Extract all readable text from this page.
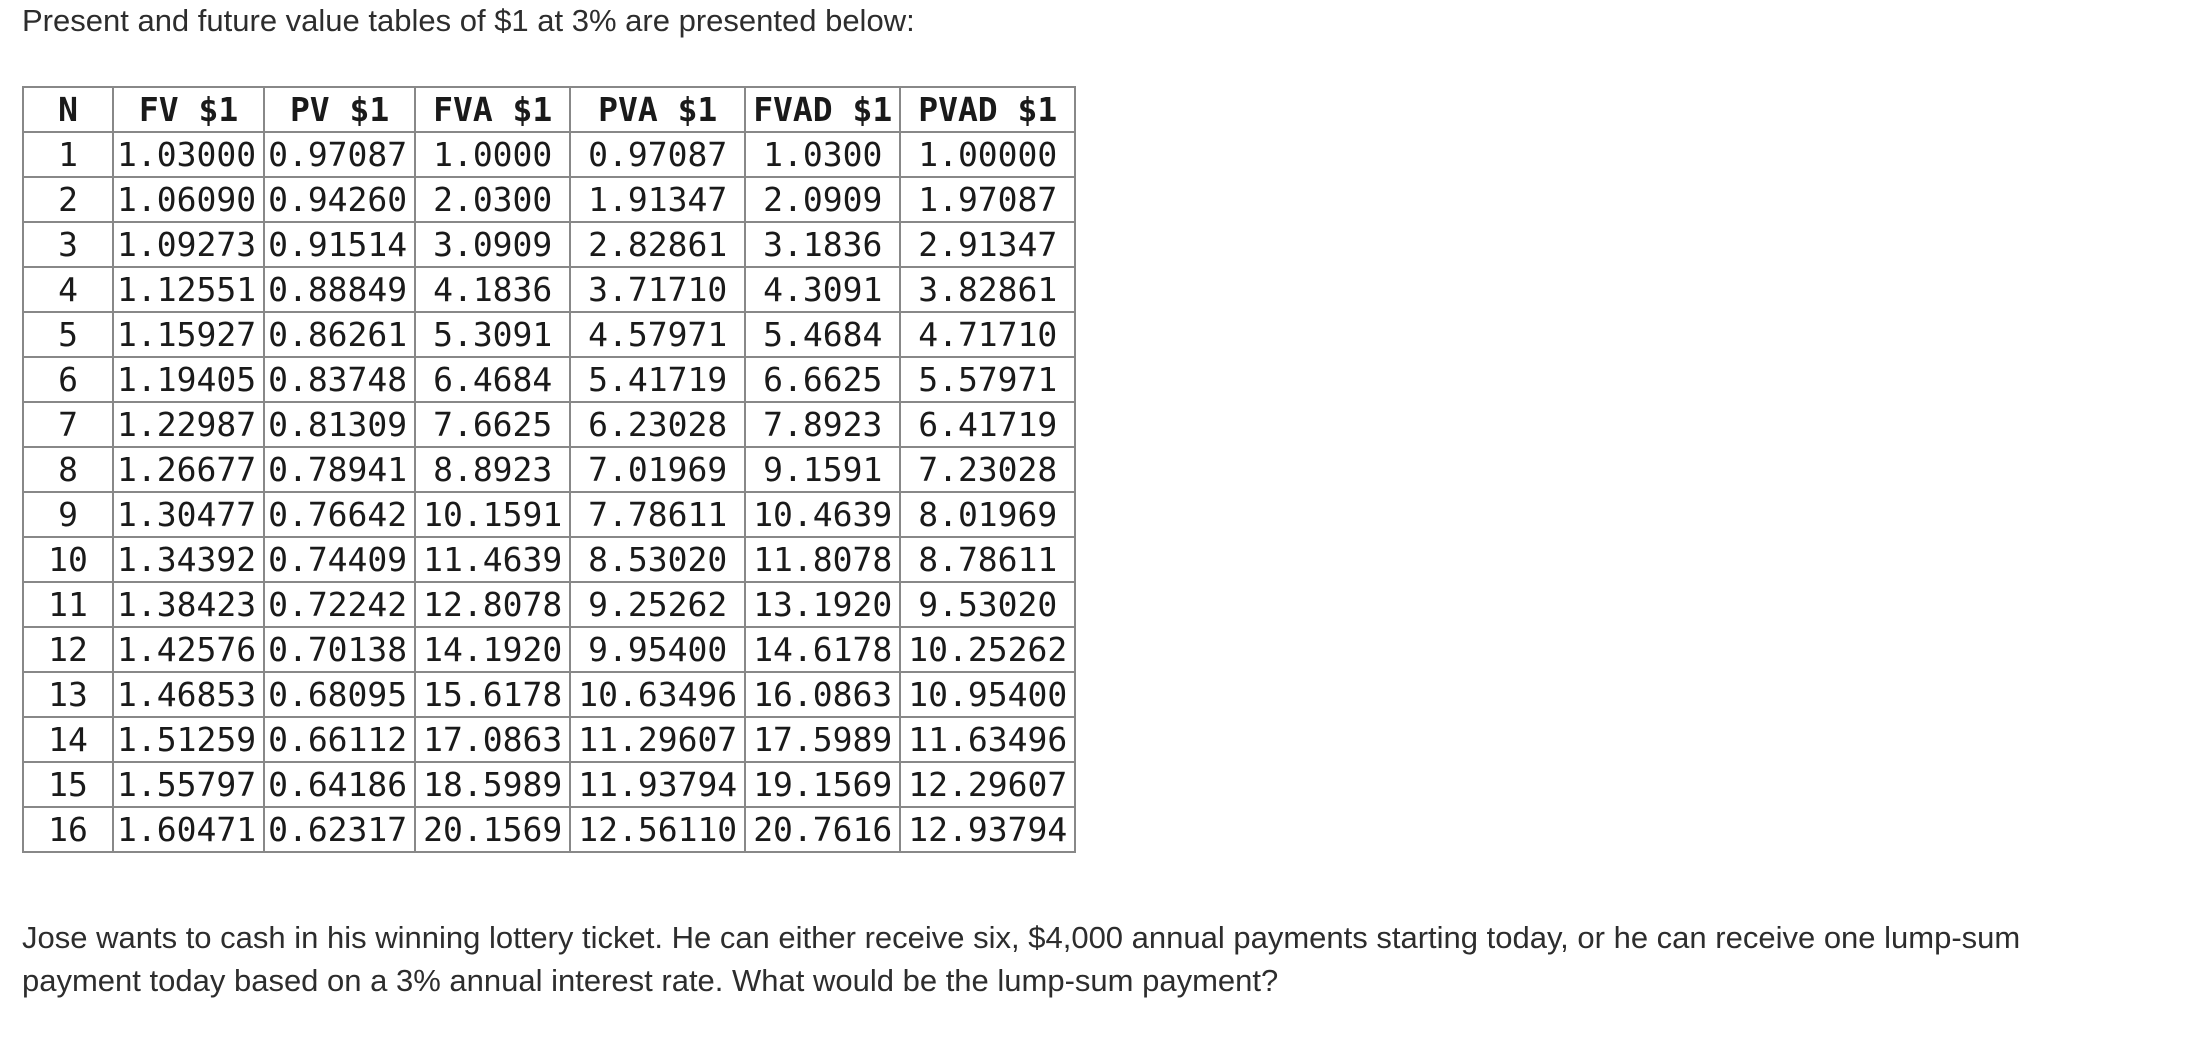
Present and future value tables of $1 at 3% are presented below:

N	FV $1	PV $1	FVA $1	PVA $1	FVAD $1	PVAD $1
1	1.03000	0.97087	1.0000	0.97087	1.0300	1.00000
2	1.06090	0.94260	2.0300	1.91347	2.0909	1.97087
3	1.09273	0.91514	3.0909	2.82861	3.1836	2.91347
4	1.12551	0.88849	4.1836	3.71710	4.3091	3.82861
5	1.15927	0.86261	5.3091	4.57971	5.4684	4.71710
6	1.19405	0.83748	6.4684	5.41719	6.6625	5.57971
7	1.22987	0.81309	7.6625	6.23028	7.8923	6.41719
8	1.26677	0.78941	8.8923	7.01969	9.1591	7.23028
9	1.30477	0.76642	10.1591	7.78611	10.4639	8.01969
10	1.34392	0.74409	11.4639	8.53020	11.8078	8.78611
11	1.38423	0.72242	12.8078	9.25262	13.1920	9.53020
12	1.42576	0.70138	14.1920	9.95400	14.6178	10.25262
13	1.46853	0.68095	15.6178	10.63496	16.0863	10.95400
14	1.51259	0.66112	17.0863	11.29607	17.5989	11.63496
15	1.55797	0.64186	18.5989	11.93794	19.1569	12.29607
16	1.60471	0.62317	20.1569	12.56110	20.7616	12.93794

Jose wants to cash in his winning lottery ticket. He can either receive six, $4,000 annual payments starting today, or he can receive one lump-sum payment today based on a 3% annual interest rate. What would be the lump-sum payment?
